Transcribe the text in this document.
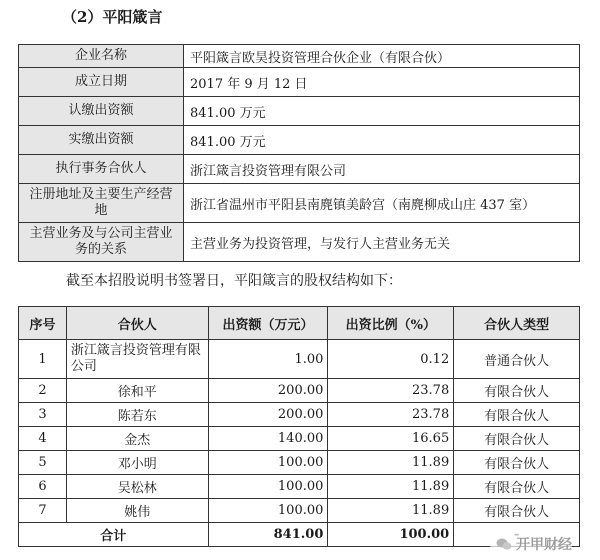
（2）平阳箴言
企业名称	平阳箴言欧昊投资管理合伙企业（有限合伙）
成立日期	2017 年 9 月 12 日
认缴出资额	841.00 万元
实缴出资额	841.00 万元
执行事务合伙人	浙江箴言投资管理有限公司
注册地址及主要生产经营地	浙江省温州市平阳县南麂镇美龄宫（南麂柳成山庄 437 室）
主营业务及与公司主营业务的关系	主营业务为投资管理，与发行人主营业务无关
截至本招股说明书签署日，平阳箴言的股权结构如下：
序号	合伙人	出资额（万元）	出资比例（%）	合伙人类型
1	浙江箴言投资管理有限公司	1.00	0.12	普通合伙人
2	徐和平	200.00	23.78	有限合伙人
3	陈若东	200.00	23.78	有限合伙人
4	金杰	140.00	16.65	有限合伙人
5	邓小明	100.00	11.89	有限合伙人
6	吴松林	100.00	11.89	有限合伙人
7	姚伟	100.00	11.89	有限合伙人
合计		841.00	100.00	
开甲财经
